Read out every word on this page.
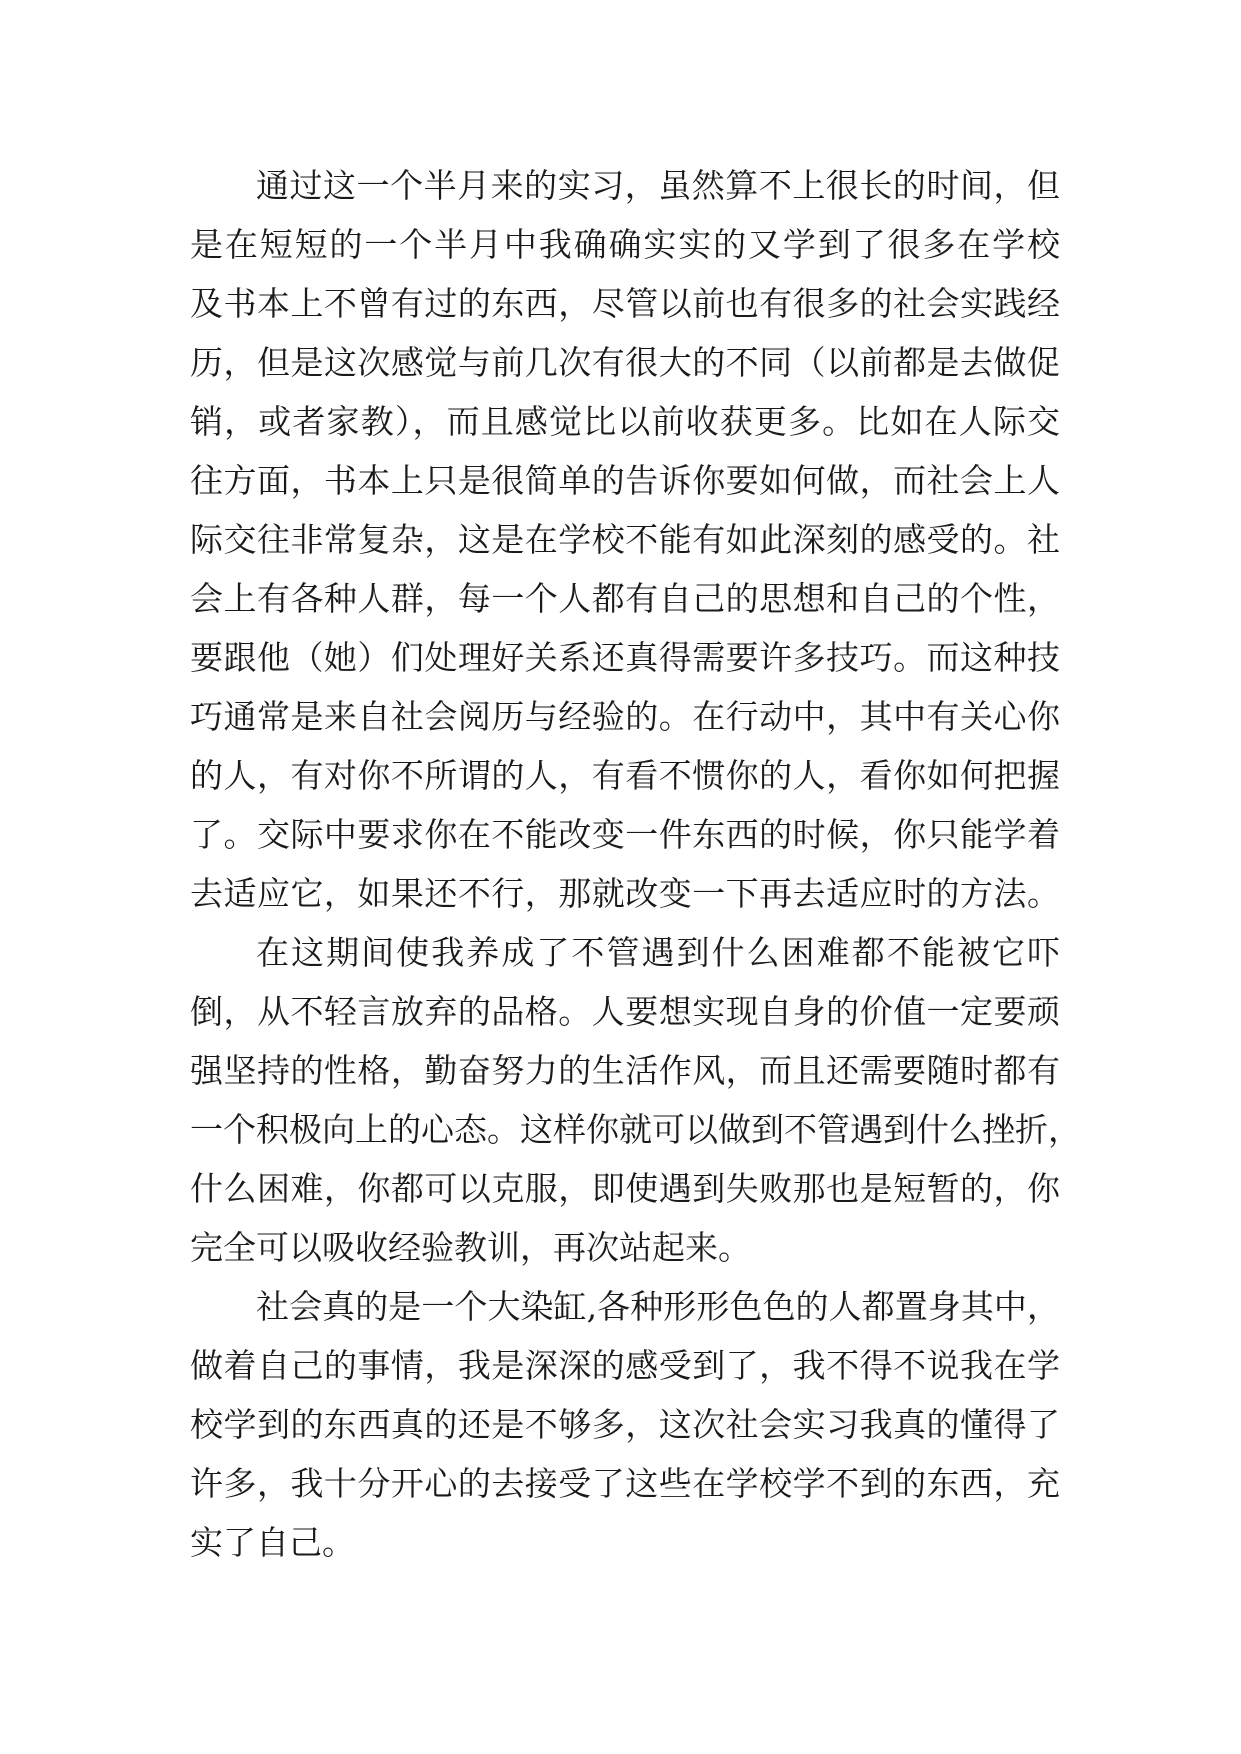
通过这一个半月来的实习，虽然算不上很长的时间，但
是在短短的一个半月中我确确实实的又学到了很多在学校
及书本上不曾有过的东西，尽管以前也有很多的社会实践经
历，但是这次感觉与前几次有很大的不同（以前都是去做促
销，或者家教），而且感觉比以前收获更多。比如在人际交
往方面，书本上只是很简单的告诉你要如何做，而社会上人
际交往非常复杂，这是在学校不能有如此深刻的感受的。社
会上有各种人群，每一个人都有自己的思想和自己的个性，
要跟他（她）们处理好关系还真得需要许多技巧。而这种技
巧通常是来自社会阅历与经验的。在行动中，其中有关心你
的人，有对你不所谓的人，有看不惯你的人，看你如何把握
了。交际中要求你在不能改变一件东西的时候，你只能学着
去适应它，如果还不行，那就改变一下再去适应时的方法。
在这期间使我养成了不管遇到什么困难都不能被它吓
倒，从不轻言放弃的品格。人要想实现自身的价值一定要顽
强坚持的性格，勤奋努力的生活作风，而且还需要随时都有
一个积极向上的心态。这样你就可以做到不管遇到什么挫折，
什么困难，你都可以克服，即使遇到失败那也是短暂的，你
完全可以吸收经验教训，再次站起来。
社会真的是一个大染缸,各种形形色色的人都置身其中，
做着自己的事情，我是深深的感受到了，我不得不说我在学
校学到的东西真的还是不够多，这次社会实习我真的懂得了
许多，我十分开心的去接受了这些在学校学不到的东西，充
实了自己。
